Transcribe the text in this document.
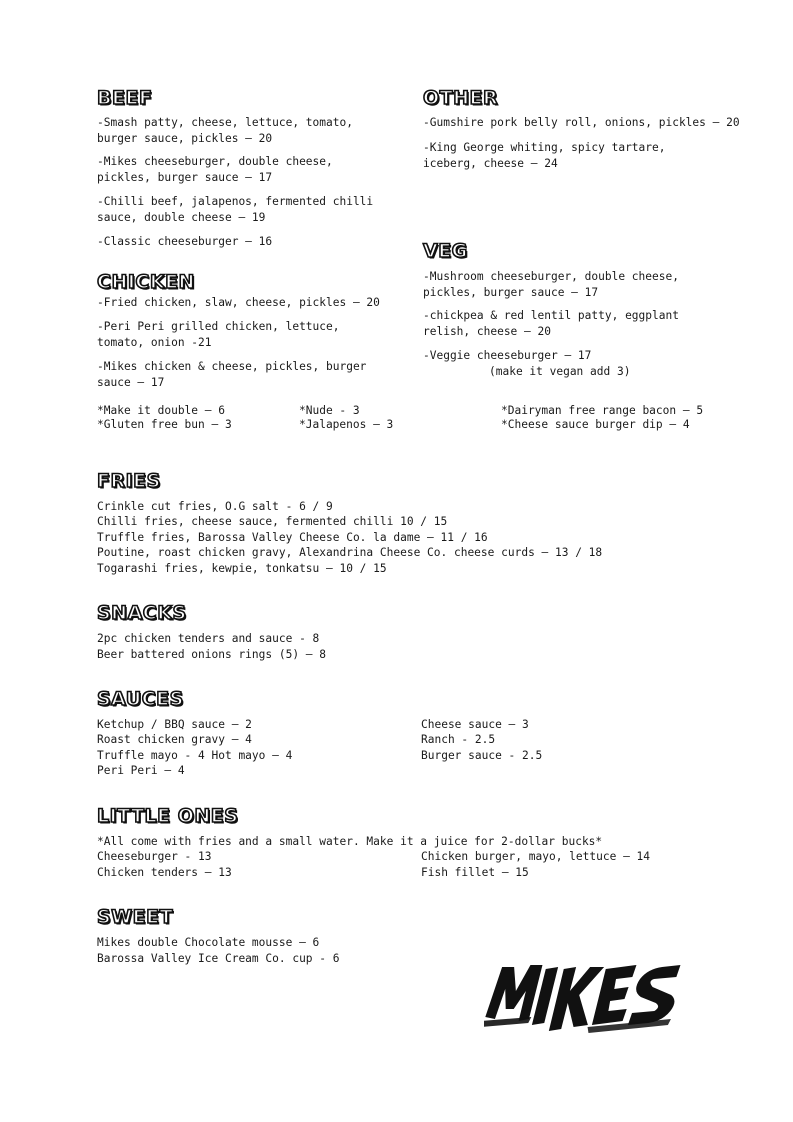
BEEF
-Smash patty, cheese, lettuce, tomato,
burger sauce, pickles – 20
-Mikes cheeseburger, double cheese,
pickles, burger sauce – 17
-Chilli beef, jalapenos, fermented chilli
sauce, double cheese – 19
-Classic cheeseburger – 16
OTHER
-Gumshire pork belly roll, onions, pickles – 20
-King George whiting, spicy tartare,
iceberg, cheese – 24
CHICKEN
-Fried chicken, slaw, cheese, pickles – 20
-Peri Peri grilled chicken, lettuce,
tomato, onion -21
-Mikes chicken & cheese, pickles, burger
sauce – 17
VEG
-Mushroom cheeseburger, double cheese,
pickles, burger sauce – 17
-chickpea & red lentil patty, eggplant
relish, cheese – 20
-Veggie cheeseburger – 17
(make it vegan add 3)
*Make it double – 6
*Gluten free bun – 3
*Nude - 3
*Jalapenos – 3
*Dairyman free range bacon – 5
*Cheese sauce burger dip – 4
FRIES
Crinkle cut fries, O.G salt - 6 / 9
Chilli fries, cheese sauce, fermented chilli 10 / 15
Truffle fries, Barossa Valley Cheese Co. la dame – 11 / 16
Poutine, roast chicken gravy, Alexandrina Cheese Co. cheese curds – 13 / 18
Togarashi fries, kewpie, tonkatsu – 10 / 15
SNACKS
2pc chicken tenders and sauce - 8
Beer battered onions rings (5) – 8
SAUCES
Ketchup / BBQ sauce – 2
Roast chicken gravy – 4
Truffle mayo - 4 Hot mayo – 4
Peri Peri – 4
Cheese sauce – 3
Ranch - 2.5
Burger sauce - 2.5
LITTLE ONES
*All come with fries and a small water. Make it a juice for 2-dollar bucks*
Cheeseburger - 13
Chicken tenders – 13
Chicken burger, mayo, lettuce – 14
Fish fillet – 15
SWEET
Mikes double Chocolate mousse – 6
Barossa Valley Ice Cream Co. cup - 6
